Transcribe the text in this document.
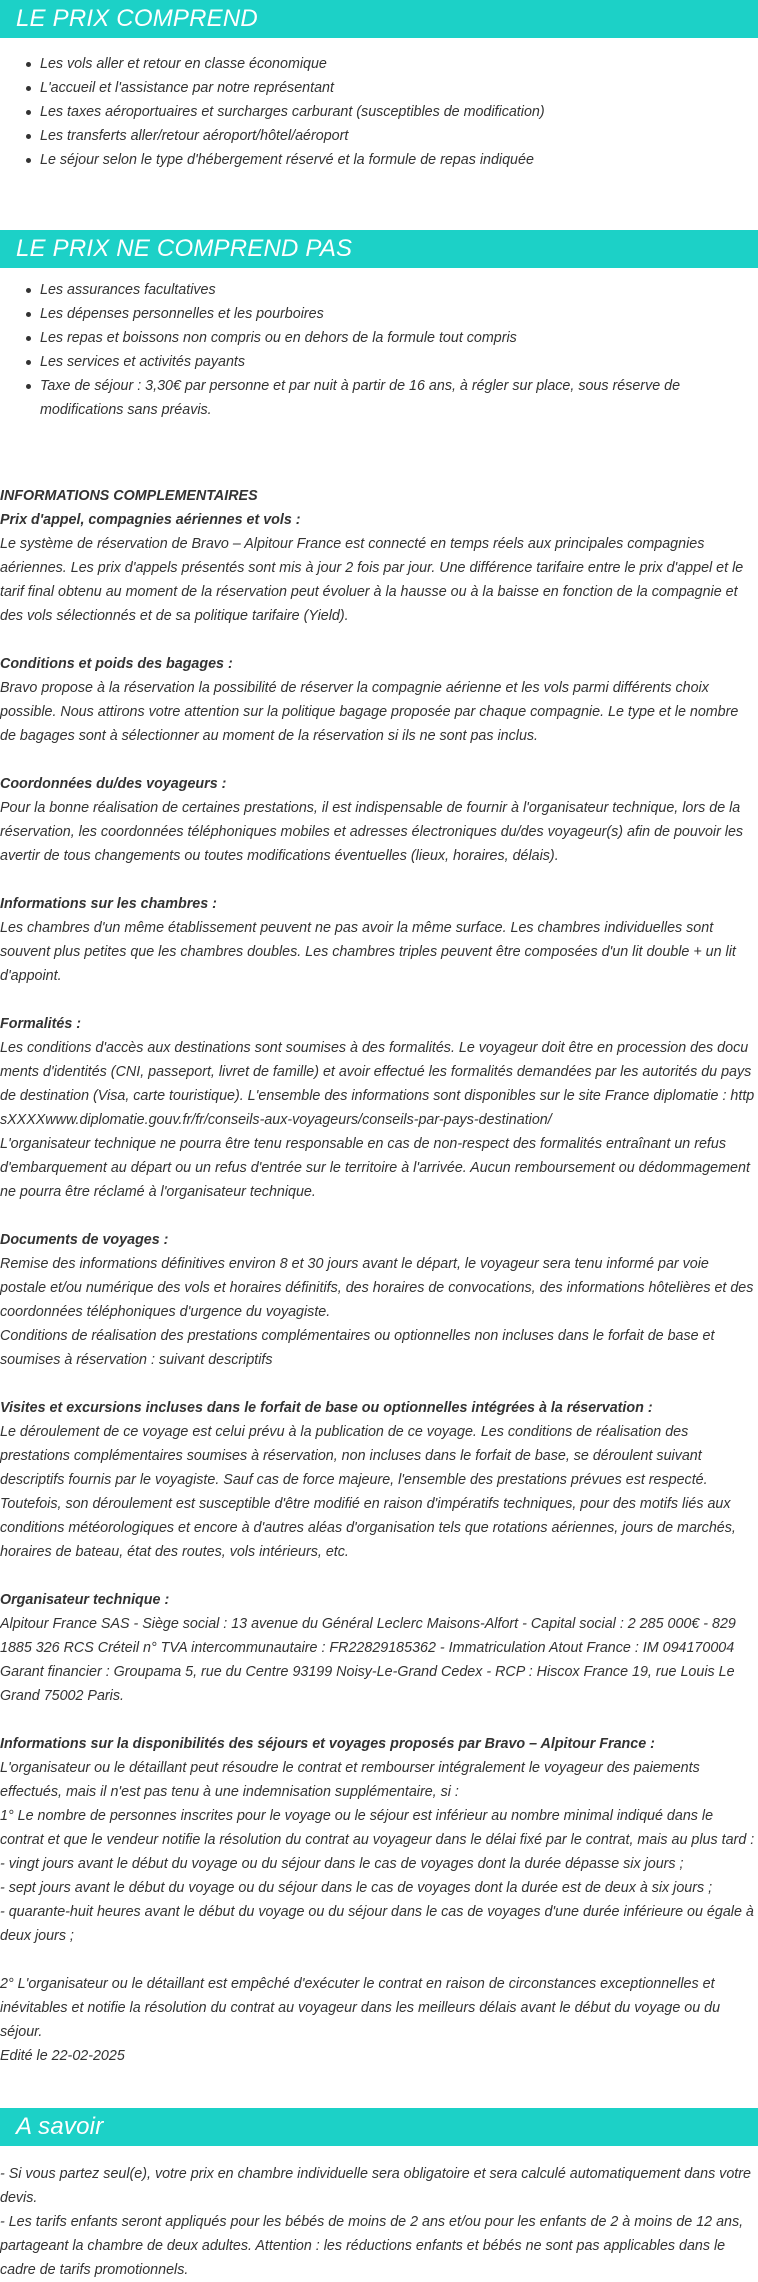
LE PRIX COMPREND
Les vols aller et retour en classe économique
L'accueil et l'assistance par notre représentant
Les taxes aéroportuaires et surcharges carburant (susceptibles de modification)
Les transferts aller/retour aéroport/hôtel/aéroport
Le séjour selon le type d'hébergement réservé et la formule de repas indiquée
LE PRIX NE COMPREND PAS
Les assurances facultatives
Les dépenses personnelles et les pourboires
Les repas et boissons non compris ou en dehors de la formule tout compris
Les services et activités payants
Taxe de séjour : 3,30€ par personne et par nuit à partir de 16 ans, à régler sur place, sous réserve de modifications sans préavis.
INFORMATIONS COMPLEMENTAIRES
Prix d'appel, compagnies aériennes et vols :
Le système de réservation de Bravo – Alpitour France est connecté en temps réels aux principales compagnies aériennes. Les prix d'appels présentés sont mis à jour 2 fois par jour. Une différence tarifaire entre le prix d'appel et le tarif final obtenu au moment de la réservation peut évoluer à la hausse ou à la baisse en fonction de la compagnie et des vols sélectionnés et de sa politique tarifaire (Yield).
Conditions et poids des bagages :
Bravo propose à la réservation la possibilité de réserver la compagnie aérienne et les vols parmi différents choix possible. Nous attirons votre attention sur la politique bagage proposée par chaque compagnie. Le type et le nombre de bagages sont à sélectionner au moment de la réservation si ils ne sont pas inclus.
Coordonnées du/des voyageurs :
Pour la bonne réalisation de certaines prestations, il est indispensable de fournir à l'organisateur technique, lors de la réservation, les coordonnées téléphoniques mobiles et adresses électroniques du/des voyageur(s) afin de pouvoir les avertir de tous changements ou toutes modifications éventuelles (lieux, horaires, délais).
Informations sur les chambres :
Les chambres d'un même établissement peuvent ne pas avoir la même surface. Les chambres individuelles sont souvent plus petites que les chambres doubles. Les chambres triples peuvent être composées d'un lit double + un lit d'appoint.
Formalités :
Les conditions d'accès aux destinations sont soumises à des formalités. Le voyageur doit être en procession des documents d'identités (CNI, passeport, livret de famille) et avoir effectué les formalités demandées par les autorités du pays de destination (Visa, carte touristique). L'ensemble des informations sont disponibles sur le site France diplomatie : httpsXXXXwww.diplomatie.gouv.fr/fr/conseils-aux-voyageurs/conseils-par-pays-destination/
L'organisateur technique ne pourra être tenu responsable en cas de non-respect des formalités entraînant un refus d'embarquement au départ ou un refus d'entrée sur le territoire à l'arrivée. Aucun remboursement ou dédommagement ne pourra être réclamé à l'organisateur technique.
Documents de voyages :
Remise des informations définitives environ 8 et 30 jours avant le départ, le voyageur sera tenu informé par voie postale et/ou numérique des vols et horaires définitifs, des horaires de convocations, des informations hôtelières et des coordonnées téléphoniques d'urgence du voyagiste.
Conditions de réalisation des prestations complémentaires ou optionnelles non incluses dans le forfait de base et soumises à réservation : suivant descriptifs
Visites et excursions incluses dans le forfait de base ou optionnelles intégrées à la réservation :
Le déroulement de ce voyage est celui prévu à la publication de ce voyage. Les conditions de réalisation des prestations complémentaires soumises à réservation, non incluses dans le forfait de base, se déroulent suivant descriptifs fournis par le voyagiste. Sauf cas de force majeure, l'ensemble des prestations prévues est respecté. Toutefois, son déroulement est susceptible d'être modifié en raison d'impératifs techniques, pour des motifs liés aux conditions météorologiques et encore à d'autres aléas d'organisation tels que rotations aériennes, jours de marchés, horaires de bateau, état des routes, vols intérieurs, etc.
Organisateur technique :
Alpitour France SAS - Siège social : 13 avenue du Général Leclerc Maisons-Alfort - Capital social : 2 285 000€ - 829 1885 326 RCS Créteil n° TVA intercommunautaire : FR22829185362 - Immatriculation Atout France : IM 094170004 Garant financier : Groupama 5, rue du Centre 93199 Noisy-Le-Grand Cedex - RCP : Hiscox France 19, rue Louis Le Grand 75002 Paris.
Informations sur la disponibilités des séjours et voyages proposés par Bravo – Alpitour France :
L'organisateur ou le détaillant peut résoudre le contrat et rembourser intégralement le voyageur des paiements effectués, mais il n'est pas tenu à une indemnisation supplémentaire, si :
1° Le nombre de personnes inscrites pour le voyage ou le séjour est inférieur au nombre minimal indiqué dans le contrat et que le vendeur notifie la résolution du contrat au voyageur dans le délai fixé par le contrat, mais au plus tard :
- vingt jours avant le début du voyage ou du séjour dans le cas de voyages dont la durée dépasse six jours ;
- sept jours avant le début du voyage ou du séjour dans le cas de voyages dont la durée est de deux à six jours ;
- quarante-huit heures avant le début du voyage ou du séjour dans le cas de voyages d'une durée inférieure ou égale à deux jours ;
2° L'organisateur ou le détaillant est empêché d'exécuter le contrat en raison de circonstances exceptionnelles et inévitables et notifie la résolution du contrat au voyageur dans les meilleurs délais avant le début du voyage ou du séjour.
Edité le 22-02-2025
A savoir
- Si vous partez seul(e), votre prix en chambre individuelle sera obligatoire et sera calculé automatiquement dans votre devis.
- Les tarifs enfants seront appliqués pour les bébés de moins de 2 ans et/ou pour les enfants de 2 à moins de 12 ans, partageant la chambre de deux adultes. Attention : les réductions enfants et bébés ne sont pas applicables dans le cadre de tarifs promotionnels.
